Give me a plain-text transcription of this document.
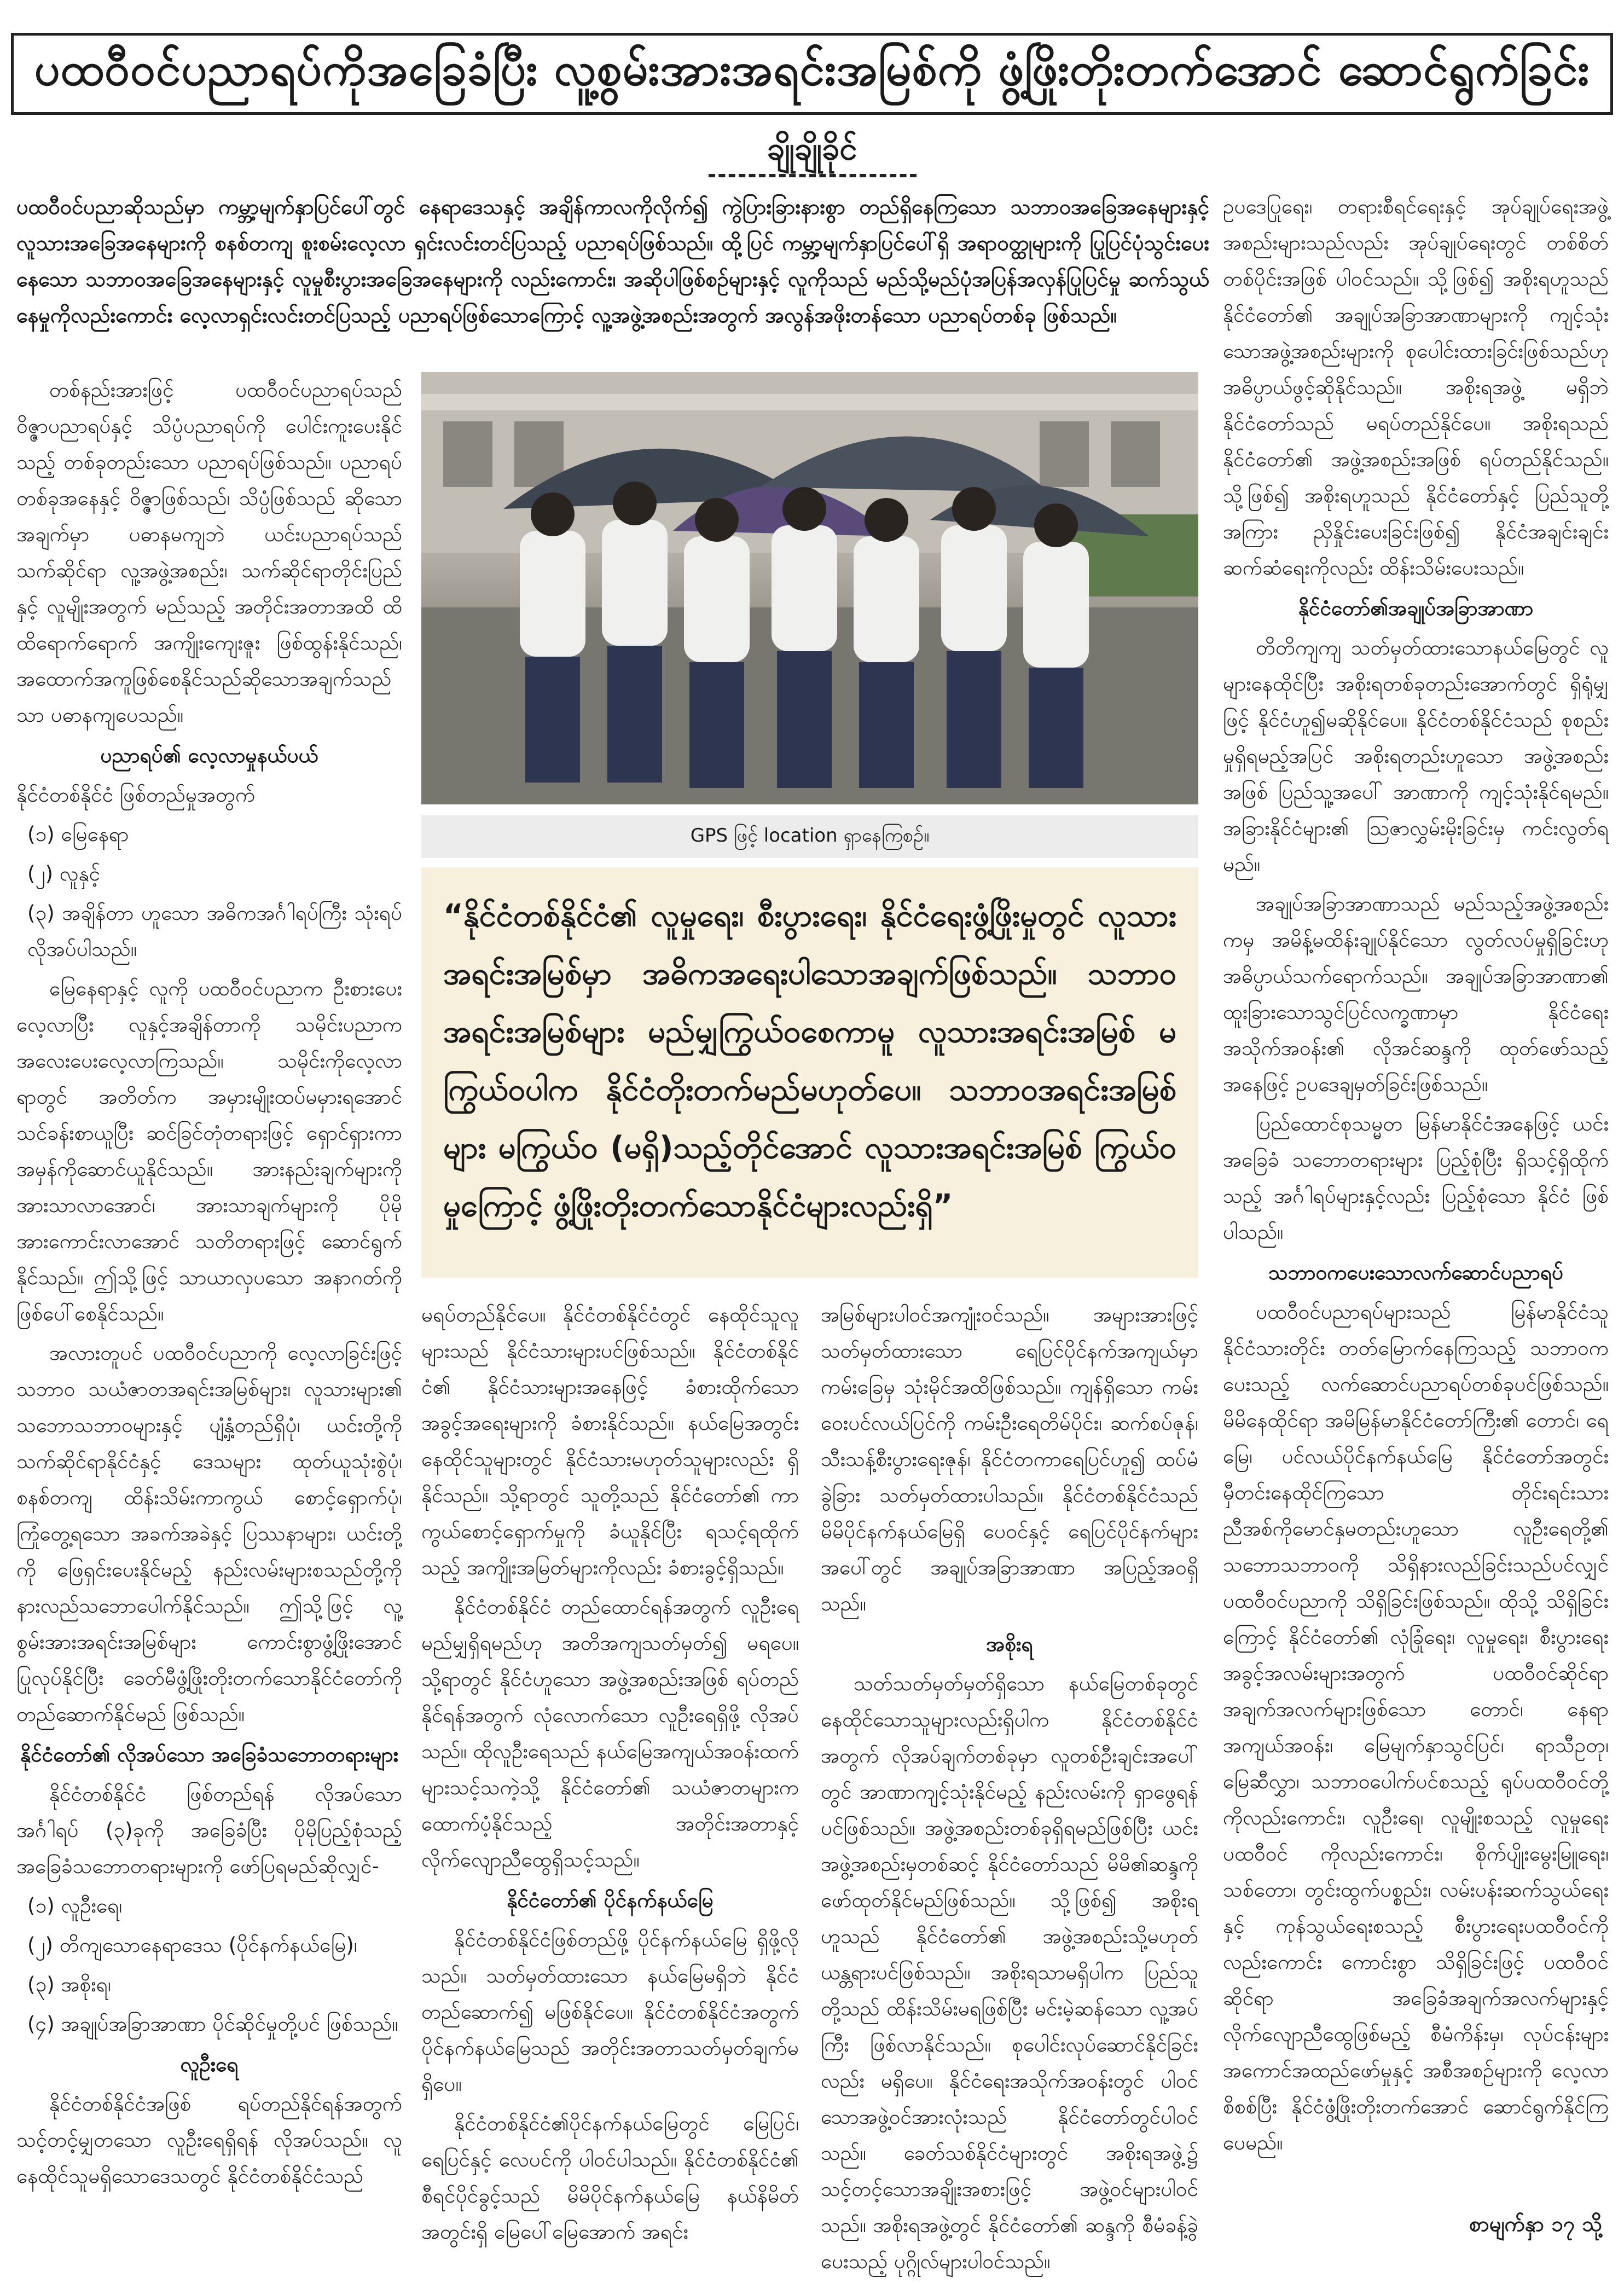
ပထဝီဝင်ပညာရပ်ကိုအခြေခံပြီး လူ့စွမ်းအားအရင်းအမြစ်ကို ဖွံ့ဖြိုးတိုးတက်အောင် ဆောင်ရွက်ခြင်း
ချိုချိုခိုင်
ပထဝီဝင်ပညာဆိုသည်မှာ ကမ္ဘာ့မျက်နှာပြင်ပေါ်တွင် နေရာဒေသနှင့် အချိန်ကာလကိုလိုက်၍ ကွဲပြားခြားနားစွာ တည်ရှိနေကြသော သဘာဝအခြေအနေများနှင့် လူသားအခြေအနေများကို စနစ်တကျ စူးစမ်းလေ့လာ ရှင်းလင်းတင်ပြသည့် ပညာရပ်ဖြစ်သည်။ ထို့ပြင် ကမ္ဘာ့မျက်နှာပြင်ပေါ်ရှိ အရာဝတ္ထုများကို ပြုပြင်ပုံသွင်းပေးနေသော သဘာဝအခြေအနေများနှင့် လူမှုစီးပွားအခြေအနေများကို လည်းကောင်း၊ အဆိုပါဖြစ်စဉ်များနှင့် လူကိုသည် မည်သို့မည်ပုံအပြန်အလှန်ပြုပြင်မှု ဆက်သွယ်နေမှုကိုလည်းကောင်း လေ့လာရှင်းလင်းတင်ပြသည့် ပညာရပ်ဖြစ်သောကြောင့် လူ့အဖွဲ့အစည်းအတွက် အလွန်အဖိုးတန်သော ပညာရပ်တစ်ခု ဖြစ်သည်။

တစ်နည်းအားဖြင့် ပထဝီဝင်ပညာရပ်သည် ဝိဇ္ဇာပညာရပ်နှင့် သိပ္ပံပညာရပ်ကို ပေါင်းကူးပေးနိုင်သည့် တစ်ခုတည်းသော ပညာရပ်ဖြစ်သည်။ ပညာရပ်တစ်ခုအနေနှင့် ဝိဇ္ဇာဖြစ်သည်၊ သိပ္ပံဖြစ်သည် ဆိုသောအချက်မှာ ပဓာနမကျဘဲ ယင်းပညာရပ်သည် သက်ဆိုင်ရာ လူ့အဖွဲ့အစည်း၊ သက်ဆိုင်ရာတိုင်းပြည်နှင့် လူမျိုးအတွက် မည်သည့် အတိုင်းအတာအထိ ထိထိရောက်ရောက် အကျိုးကျေးဇူး ဖြစ်ထွန်းနိုင်သည်၊ အထောက်အကူဖြစ်စေနိုင်သည်ဆိုသောအချက်သည်သာ ပဓာနကျပေသည်။

ပညာရပ်၏ လေ့လာမှုနယ်ပယ်

နိုင်ငံတစ်နိုင်ငံ ဖြစ်တည်မှုအတွက်

(၁) မြေနေရာ

(၂) လူနှင့်

(၃) အချိန်တာ ဟူသော အဓိကအင်္ဂါရပ်ကြီး သုံးရပ် လိုအပ်ပါသည်။

မြေနေရာနှင့် လူကို ပထဝီဝင်ပညာက ဦးစားပေး လေ့လာပြီး လူနှင့်အချိန်တာကို သမိုင်းပညာကအလေးပေးလေ့လာကြသည်။ သမိုင်းကိုလေ့လာရာတွင် အတိတ်က အမှားမျိုးထပ်မမှားရအောင် သင်ခန်းစာယူပြီး ဆင်ခြင်တုံတရားဖြင့် ရှောင်ရှားကာ အမှန်ကိုဆောင်ယူနိုင်သည်။ အားနည်းချက်များကို အားသာလာအောင်၊ အားသာချက်များကို ပိုမိုအားကောင်းလာအောင် သတိတရားဖြင့် ဆောင်ရွက်နိုင်သည်။ ဤသို့ဖြင့် သာယာလှပသော အနာဂတ်ကို ဖြစ်ပေါ်စေနိုင်သည်။

အလားတူပင် ပထဝီဝင်ပညာကို လေ့လာခြင်းဖြင့် သဘာဝ သယံဇာတအရင်းအမြစ်များ၊ လူသားများ၏ သဘောသဘာဝများနှင့် ပျံ့နှံ့တည်ရှိပုံ၊ ယင်းတို့ကို သက်ဆိုင်ရာနိုင်ငံနှင့် ဒေသများ ထုတ်ယူသုံးစွဲပုံ၊ စနစ်တကျ ထိန်းသိမ်းကာကွယ် စောင့်ရှောက်ပုံ၊ ကြုံတွေ့ရသော အခက်အခဲနှင့် ပြဿနာများ၊ ယင်းတို့ကို ဖြေရှင်းပေးနိုင်မည့် နည်းလမ်းများစသည်တို့ကို နားလည်သဘောပေါက်နိုင်သည်။ ဤသို့ဖြင့် လူ့စွမ်းအားအရင်းအမြစ်များ ကောင်းစွာဖွံ့ဖြိုးအောင် ပြုလုပ်နိုင်ပြီး ခေတ်မီဖွံ့ဖြိုးတိုးတက်သောနိုင်ငံတော်ကို တည်ဆောက်နိုင်မည် ဖြစ်သည်။

နိုင်ငံတော်၏ လိုအပ်သော အခြေခံသဘောတရားများ

နိုင်ငံတစ်နိုင်ငံ ဖြစ်တည်ရန် လိုအပ်သော အင်္ဂါရပ် (၃)ခုကို အခြေခံပြီး ပိုမိုပြည့်စုံသည့် အခြေခံသဘောတရားများကို ဖော်ပြရမည်ဆိုလျှင်-

(၁) လူဦးရေ၊

(၂) တိကျသောနေရာဒေသ (ပိုင်နက်နယ်မြေ)၊

(၃) အစိုးရ၊

(၄) အချုပ်အခြာအာဏာ ပိုင်ဆိုင်မှုတို့ပင် ဖြစ်သည်။

လူဦးရေ

နိုင်ငံတစ်နိုင်ငံအဖြစ် ရပ်တည်နိုင်ရန်အတွက် သင့်တင့်မျှတသော လူဦးရေရှိရန် လိုအပ်သည်။ လူနေထိုင်သူမရှိသောဒေသတွင် နိုင်ငံတစ်နိုင်ငံသည်

GPS ဖြင့် location ရှာနေကြစဉ်။
“နိုင်ငံတစ်နိုင်ငံ၏ လူမှုရေး၊ စီးပွားရေး၊ နိုင်ငံရေးဖွံ့ဖြိုးမှုတွင် လူသားအရင်းအမြစ်မှာ အဓိကအရေးပါသောအချက်ဖြစ်သည်။ သဘာဝအရင်းအမြစ်များ မည်မျှကြွယ်ဝစေကာမူ လူသားအရင်းအမြစ် မကြွယ်ဝပါက နိုင်ငံတိုးတက်မည်မဟုတ်ပေ။ သဘာဝအရင်းအမြစ်များ မကြွယ်ဝ (မရှိ)သည့်တိုင်အောင် လူသားအရင်းအမြစ် ကြွယ်ဝမှုကြောင့် ဖွံ့ဖြိုးတိုးတက်သောနိုင်ငံများလည်းရှိ”

မရပ်တည်နိုင်ပေ။ နိုင်ငံတစ်နိုင်ငံတွင် နေထိုင်သူလူများသည် နိုင်ငံသားများပင်ဖြစ်သည်။ နိုင်ငံတစ်နိုင်ငံ၏ နိုင်ငံသားများအနေဖြင့် ခံစားထိုက်သော အခွင့်အရေးများကို ခံစားနိုင်သည်။ နယ်မြေအတွင်း နေထိုင်သူများတွင် နိုင်ငံသားမဟုတ်သူများလည်း ရှိနိုင်သည်။ သို့ရာတွင် သူတို့သည် နိုင်ငံတော်၏ ကာကွယ်စောင့်ရှောက်မှုကို ခံယူနိုင်ပြီး ရသင့်ရထိုက်သည့် အကျိုးအမြတ်များကိုလည်း ခံစားခွင့်ရှိသည်။

နိုင်ငံတစ်နိုင်ငံ တည်ထောင်ရန်အတွက် လူဦးရေမည်မျှရှိရမည်ဟု အတိအကျသတ်မှတ်၍ မရပေ။ သို့ရာတွင် နိုင်ငံဟူသော အဖွဲ့အစည်းအဖြစ် ရပ်တည်နိုင်ရန်အတွက် လုံလောက်သော လူဦးရေရှိဖို့ လိုအပ်သည်။ ထိုလူဦးရေသည် နယ်မြေအကျယ်အဝန်းထက် များသင့်သကဲ့သို့ နိုင်ငံတော်၏ သယံဇာတများက ထောက်ပံ့နိုင်သည့် အတိုင်းအတာနှင့် လိုက်လျောညီထွေရှိသင့်သည်။

နိုင်ငံတော်၏ ပိုင်နက်နယ်မြေ

နိုင်ငံတစ်နိုင်ငံဖြစ်တည်ဖို့ ပိုင်နက်နယ်မြေ ရှိဖို့လိုသည်။ သတ်မှတ်ထားသော နယ်မြေမရှိဘဲ နိုင်ငံတည်ဆောက်၍ မဖြစ်နိုင်ပေ။ နိုင်ငံတစ်နိုင်ငံအတွက် ပိုင်နက်နယ်မြေသည် အတိုင်းအတာသတ်မှတ်ချက်မရှိပေ။

နိုင်ငံတစ်နိုင်ငံ၏ပိုင်နက်နယ်မြေတွင် မြေပြင်၊ ရေပြင်နှင့် လေပင်ကို ပါဝင်ပါသည်။ နိုင်ငံတစ်နိုင်ငံ၏ စီရင်ပိုင်ခွင့်သည် မိမိပိုင်နက်နယ်မြေ နယ်နိမိတ်အတွင်းရှိ မြေပေါ်မြေအောက် အရင်း

အမြစ်များပါဝင်အကျုံးဝင်သည်။ အများအားဖြင့် သတ်မှတ်ထားသော ရေပြင်ပိုင်နက်အကျယ်မှာ ကမ်းခြေမှ သုံးမိုင်အထိဖြစ်သည်။ ကျန်ရှိသော ကမ်းဝေးပင်လယ်ပြင်ကို ကမ်းဦးရေတိမ်ပိုင်း၊ ဆက်စပ်ဇုန်၊ သီးသန့်စီးပွားရေးဇုန်၊ နိုင်ငံတကာရေပြင်ဟူ၍ ထပ်မံခွဲခြား သတ်မှတ်ထားပါသည်။ နိုင်ငံတစ်နိုင်ငံသည် မိမိပိုင်နက်နယ်မြေရှိ ပေဝင်နှင့် ရေပြင်ပိုင်နက်များအပေါ်တွင် အချုပ်အခြာအာဏာ အပြည့်အဝရှိသည်။

အစိုးရ

သတ်သတ်မှတ်မှတ်ရှိသော နယ်မြေတစ်ခုတွင် နေထိုင်သောသူများလည်းရှိပါက နိုင်ငံတစ်နိုင်ငံအတွက် လိုအပ်ချက်တစ်ခုမှာ လူတစ်ဦးချင်းအပေါ်တွင် အာဏာကျင့်သုံးနိုင်မည့် နည်းလမ်းကို ရှာဖွေရန်ပင်ဖြစ်သည်။ အဖွဲ့အစည်းတစ်ခုရှိရမည်ဖြစ်ပြီး ယင်းအဖွဲ့အစည်းမှတစ်ဆင့် နိုင်ငံတော်သည် မိမိ၏ဆန္ဒကို ဖော်ထုတ်နိုင်မည်ဖြစ်သည်။ သို့ဖြစ်၍ အစိုးရဟူသည် နိုင်ငံတော်၏ အဖွဲ့အစည်းသို့မဟုတ် ယန္တရားပင်ဖြစ်သည်။ အစိုးရသာမရှိပါက ပြည်သူတို့သည် ထိန်းသိမ်းမရဖြစ်ပြီး မင်းမဲ့ဆန်သော လူ့အပ်ကြီး ဖြစ်လာနိုင်သည်။ စုပေါင်းလုပ်ဆောင်နိုင်ခြင်းလည်း မရှိပေ။ နိုင်ငံရေးအသိုက်အဝန်းတွင် ပါဝင်သောအဖွဲ့ဝင်အားလုံးသည် နိုင်ငံတော်တွင်ပါဝင်သည်။ ခေတ်သစ်နိုင်ငံများတွင် အစိုးရအဖွဲ့၌ သင့်တင့်သောအချိုးအစားဖြင့် အဖွဲ့ဝင်များပါဝင်သည်။ အစိုးရအဖွဲ့တွင် နိုင်ငံတော်၏ ဆန္ဒကို စီမံခန့်ခွဲပေးသည့် ပုဂ္ဂိုလ်များပါဝင်သည်။

ဥပဒေပြုရေး၊ တရားစီရင်ရေးနှင့် အုပ်ချုပ်ရေးအဖွဲ့အစည်းများသည်လည်း အုပ်ချုပ်ရေးတွင် တစ်စိတ်တစ်ပိုင်းအဖြစ် ပါဝင်သည်။ သို့ဖြစ်၍ အစိုးရဟူသည် နိုင်ငံတော်၏ အချုပ်အခြာအာဏာများကို ကျင့်သုံးသောအဖွဲ့အစည်းများကို စုပေါင်းထားခြင်းဖြစ်သည်ဟု အဓိပ္ပာယ်ဖွင့်ဆိုနိုင်သည်။ အစိုးရအဖွဲ့ မရှိဘဲ နိုင်ငံတော်သည် မရပ်တည်နိုင်ပေ။ အစိုးရသည် နိုင်ငံတော်၏ အဖွဲ့အစည်းအဖြစ် ရပ်တည်နိုင်သည်။ သို့ဖြစ်၍ အစိုးရဟူသည် နိုင်ငံတော်နှင့် ပြည်သူတို့အကြား ညှိနှိုင်းပေးခြင်းဖြစ်၍ နိုင်ငံအချင်းချင်းဆက်ဆံရေးကိုလည်း ထိန်းသိမ်းပေးသည်။

နိုင်ငံတော်၏အချုပ်အခြာအာဏာ

တိတိကျကျ သတ်မှတ်ထားသောနယ်မြေတွင် လူများနေထိုင်ပြီး အစိုးရတစ်ခုတည်းအောက်တွင် ရှိရုံမျှဖြင့် နိုင်ငံဟူ၍မဆိုနိုင်ပေ။ နိုင်ငံတစ်နိုင်ငံသည် စုစည်းမှုရှိရမည့်အပြင် အစိုးရတည်းဟူသော အဖွဲ့အစည်းအဖြစ် ပြည်သူ့အပေါ် အာဏာကို ကျင့်သုံးနိုင်ရမည်။ အခြားနိုင်ငံများ၏ ဩဇာလွှမ်းမိုးခြင်းမှ ကင်းလွတ်ရမည်။

အချုပ်အခြာအာဏာသည် မည်သည့်အဖွဲ့အစည်းကမှ အမိန့်မထိန်းချုပ်နိုင်သော လွတ်လပ်မှုရှိခြင်းဟု အဓိပ္ပာယ်သက်ရောက်သည်။ အချုပ်အခြာအာဏာ၏ ထူးခြားသောသွင်ပြင်လက္ခဏာမှာ နိုင်ငံရေးအသိုက်အဝန်း၏ လိုအင်ဆန္ဒကို ထုတ်ဖော်သည့်အနေဖြင့် ဥပဒေချမှတ်ခြင်းဖြစ်သည်။

ပြည်ထောင်စုသမ္မတ မြန်မာနိုင်ငံအနေဖြင့် ယင်းအခြေခံ သဘောတရားများ ပြည့်စုံပြီး ရှိသင့်ရှိထိုက်သည့် အင်္ဂါရပ်များနှင့်လည်း ပြည့်စုံသော နိုင်ငံ ဖြစ်ပါသည်။

သဘာဝကပေးသောလက်ဆောင်ပညာရပ်

ပထဝီဝင်ပညာရပ်များသည် မြန်မာနိုင်ငံသူနိုင်ငံသားတိုင်း တတ်မြောက်နေကြသည့် သဘာဝကပေးသည့် လက်ဆောင်ပညာရပ်တစ်ခုပင်ဖြစ်သည်။ မိမိနေထိုင်ရာ အမိမြန်မာနိုင်ငံတော်ကြီး၏ တောင်၊ ရေမြေ၊ ပင်လယ်ပိုင်နက်နယ်မြေ နိုင်ငံတော်အတွင်း မှီတင်းနေထိုင်ကြသော တိုင်းရင်းသား ညီအစ်ကိုမောင်နှမတည်းဟူသော လူဦးရေတို့၏ သဘောသဘာဝကို သိရှိနားလည်ခြင်းသည်ပင်လျှင် ပထဝီဝင်ပညာကို သိရှိခြင်းဖြစ်သည်။ ထိုသို့ သိရှိခြင်းကြောင့် နိုင်ငံတော်၏ လုံခြုံရေး၊ လူမှုရေး၊ စီးပွားရေးအခွင့်အလမ်းများအတွက် ပထဝီဝင်ဆိုင်ရာ အချက်အလက်များဖြစ်သော တောင်၊ နေရာအကျယ်အဝန်း၊ မြေမျက်နှာသွင်ပြင်၊ ရာသီဥတု၊ မြေဆီလွှာ၊ သဘာဝပေါက်ပင်စသည့် ရုပ်ပထဝီဝင်တို့ကိုလည်းကောင်း၊ လူဦးရေ၊ လူမျိုးစသည့် လူမှုရေးပထဝီဝင် ကိုလည်းကောင်း၊ စိုက်ပျိုးမွေးမြူရေး၊ သစ်တော၊ တွင်းထွက်ပစ္စည်း၊ လမ်းပန်းဆက်သွယ်ရေးနှင့် ကုန်သွယ်ရေးစသည့် စီးပွားရေးပထဝီဝင်ကိုလည်းကောင်း ကောင်းစွာ သိရှိခြင်းဖြင့် ပထဝီဝင်ဆိုင်ရာ အခြေခံအချက်အလက်များနှင့် လိုက်လျောညီထွေဖြစ်မည့် စီမံကိန်းမှ၊ လုပ်ငန်းများ အကောင်အထည်ဖော်မှုနှင့် အစီအစဉ်များကို လေ့လာစိစစ်ပြီး နိုင်ငံဖွံ့ဖြိုးတိုးတက်အောင် ဆောင်ရွက်နိုင်ကြပေမည်။

စာမျက်နှာ ၁၇ သို့
